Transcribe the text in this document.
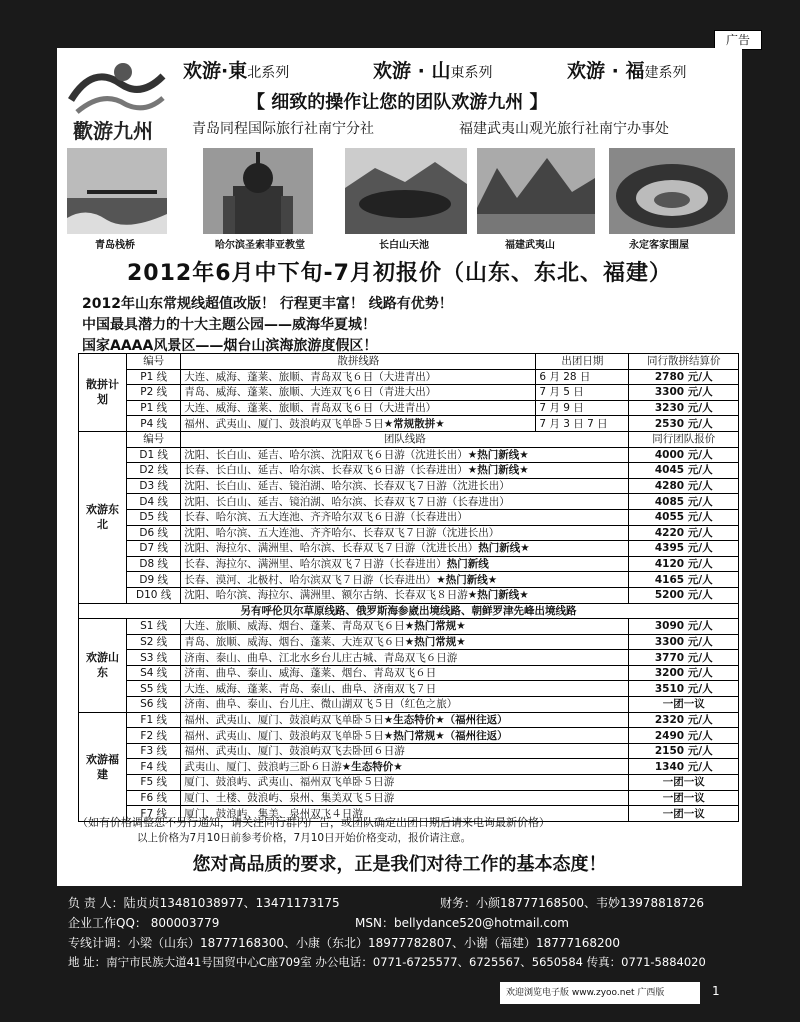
广告
歡游九州
欢游·東北系列	欢游 · 山東系列	欢游 · 福建系列
【 细致的操作让您的团队欢游九州 】
青岛同程国际旅行社南宁分社	福建武夷山观光旅行社南宁办事处
青岛栈桥	哈尔滨圣索菲亚教堂	长白山天池	福建武夷山	永定客家围屋
2012年6月中下旬-7月初报价（山东、东北、福建）
2012年山东常规线超值改版！ 行程更丰富！ 线路有优势！
中国最具潜力的十大主题公园——威海华夏城！
国家AAAA风景区——烟台山滨海旅游度假区！
散拼计划	编号	散拼线路	出团日期	同行散拼结算价
	P1 线	大连、威海、蓬莱、旅顺、青岛双飞６日（大进青出）	6 月 28 日	2780 元/人
	P2 线	青岛、威海、蓬莱、旅顺、大连双飞６日（青进大出）	7 月 5 日	3300 元/人
	P1 线	大连、威海、蓬莱、旅顺、青岛双飞６日（大进青出）	7 月 9 日	3230 元/人
	P4 线	福州、武夷山、厦门、鼓浪屿双飞单卧５日★常规散拼★	7 月 3 日 7 日	2530 元/人
欢游东北	编号	团队线路		同行团队报价
	D1 线	沈阳、长白山、延吉、哈尔滨、沈阳双飞６日游（沈进长出）★热门新线★		4000 元/人
	D2 线	长春、长白山、延吉、哈尔滨、长春双飞６日游（长春进出）★热门新线★		4045 元/人
	D3 线	沈阳、长白山、延吉、镜泊湖、哈尔滨、长春双飞７日游（沈进长出）		4280 元/人
	D4 线	沈阳、长白山、延吉、镜泊湖、哈尔滨、长春双飞７日游（长春进出）		4085 元/人
	D5 线	长春、哈尔滨、五大连池、齐齐哈尔双飞６日游（长春进出）		4055 元/人
	D6 线	沈阳、哈尔滨、五大连池、齐齐哈尔、长春双飞７日游（沈进长出）		4220 元/人
	D7 线	沈阳、海拉尔、满洲里、哈尔滨、长春双飞７日游（沈进长出）热门新线★		4395 元/人
	D8 线	长春、海拉尔、满洲里、哈尔滨双飞７日游（长春进出）热门新线		4120 元/人
	D9 线	长春、漠河、北极村、哈尔滨双飞７日游（长春进出）★热门新线★		4165 元/人
	D10 线	沈阳、哈尔滨、海拉尔、满洲里、额尔古纳、长春双飞８日游★热门新线★		5200 元/人
另有呼伦贝尔草原线路、俄罗斯海参崴出境线路、朝鲜罗津先峰出境线路				
欢游山东	S1 线	大连、旅顺、威海、烟台、蓬莱、青岛双飞６日★热门常规★		3090 元/人
	S2 线	青岛、旅顺、威海、烟台、蓬莱、大连双飞６日★热门常规★		3300 元/人
	S3 线	济南、泰山、曲阜、江北水乡台儿庄古城、青岛双飞６日游		3770 元/人
	S4 线	济南、曲阜、泰山、威海、蓬莱、烟台、青岛双飞６日		3200 元/人
	S5 线	大连、威海、蓬莱、青岛、泰山、曲阜、济南双飞７日		3510 元/人
	S6 线	济南、曲阜、泰山、台儿庄、微山湖双飞５日（红色之旅）		一团一议
欢游福建	F1 线	福州、武夷山、厦门、鼓浪屿双飞单卧５日★生态特价★（福州往返）		2320 元/人
	F2 线	福州、武夷山、厦门、鼓浪屿双飞单卧５日★热门常规★（福州往返）		2490 元/人
	F3 线	福州、武夷山、厦门、鼓浪屿双飞去卧回６日游		2150 元/人
	F4 线	武夷山、厦门、鼓浪屿三卧６日游★生态特价★		1340 元/人
	F5 线	厦门、鼓浪屿、武夷山、福州双飞单卧５日游		一团一议
	F6 线	厦门、土楼、鼓浪屿、泉州、集美双飞５日游		一团一议
	F7 线	厦门、鼓浪屿、集美、泉州双飞４日游		一团一议
（如有价格调整恕不另行通知，请关注同行群内广告，或团队确定出团日期后请来电询最新价格）
以上价格为7月10日前参考价格，7月10日开始价格变动，报价请注意。
您对高品质的要求，正是我们对待工作的基本态度！
负 责 人：陆贞贞13481038977、13471173175	财务：小颜18777168500、韦妙13978818726
企业工作QQ： 800003779	MSN：bellydance520@hotmail.com
专线计调：小梁（山东）18777168300、小康（东北）18977782807、小谢（福建）18777168200
地 址：南宁市民族大道41号国贸中心C座709室 办公电话：0771-6725577、6725567、5650584 传真：0771-5884020
欢迎浏览电子版 www.zyoo.net 广西版	1
